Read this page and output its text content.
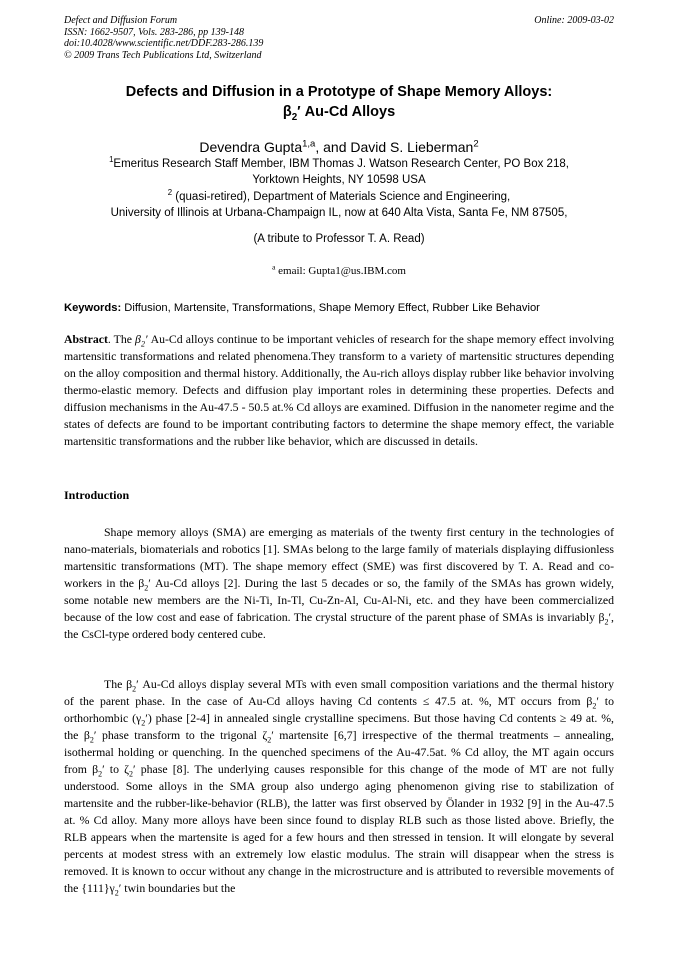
Defect and Diffusion Forum
ISSN: 1662-9507, Vols. 283-286, pp 139-148
doi:10.4028/www.scientific.net/DDF.283-286.139
© 2009 Trans Tech Publications Ltd, Switzerland
Online: 2009-03-02
Defects and Diffusion in a Prototype of Shape Memory Alloys:
$\beta_2'$ Au-Cd Alloys
Devendra Gupta$^{1,a}$, and David S. Lieberman$^2$
$^1$Emeritus Research Staff Member, IBM Thomas J. Watson Research Center, PO Box 218,
Yorktown Heights, NY 10598 USA
$^2$ (quasi-retired), Department of Materials Science and Engineering,
University of Illinois at Urbana-Champaign IL, now at 640 Alta Vista, Santa Fe, NM 87505,
(A tribute to Professor T. A. Read)
$^a$ email: Gupta1@us.IBM.com
Keywords: Diffusion, Martensite, Transformations, Shape Memory Effect, Rubber Like Behavior
Abstract. The $\beta_2'$ Au-Cd alloys continue to be important vehicles of research for the shape memory effect involving martensitic transformations and related phenomena.They transform to a variety of martensitic structures depending on the alloy composition and thermal history. Additionally, the Au-rich alloys display rubber like behavior involving thermo-elastic memory. Defects and diffusion play important roles in determining these properties. Defects and diffusion mechanisms in the Au-47.5 - 50.5 at.% Cd alloys are examined. Diffusion in the nanometer regime and the states of defects are found to be important contributing factors to determine the shape memory effect, the variable martensitic transformations and the rubber like behavior, which are discussed in details.
Introduction
Shape memory alloys (SMA) are emerging as materials of the twenty first century in the technologies of nano-materials, biomaterials and robotics [1]. SMAs belong to the large family of materials displaying diffusionless martensitic transformations (MT). The shape memory effect (SME) was first discovered by T. A. Read and co-workers in the $\beta_2'$ Au-Cd alloys [2]. During the last 5 decades or so, the family of the SMAs has grown widely, some notable new members are the Ni-Ti, In-Tl, Cu-Zn-Al, Cu-Al-Ni, etc. and they have been commercialized because of the low cost and ease of fabrication. The crystal structure of the parent phase of SMAs is invariably $\beta_2'$, the CsCl-type ordered body centered cube.
The $\beta_2'$ Au-Cd alloys display several MTs with even small composition variations and the thermal history of the parent phase. In the case of Au-Cd alloys having Cd contents ≤ 47.5 at. %, MT occurs from $\beta_2'$ to orthorhombic $(\gamma_2')$ phase [2-4] in annealed single crystalline specimens. But those having Cd contents ≥ 49 at. %, the $\beta_2'$ phase transform to the trigonal $\zeta_2'$ martensite [6,7] irrespective of the thermal treatments – annealing, isothermal holding or quenching. In the quenched specimens of the Au-47.5at. % Cd alloy, the MT again occurs from $\beta_2'$ to $\zeta_2'$ phase [8]. The underlying causes responsible for this change of the mode of MT are not fully understood. Some alloys in the SMA group also undergo aging phenomenon giving rise to stabilization of martensite and the rubber-like-behavior (RLB), the latter was first observed by Ölander in 1932 [9] in the Au-47.5 at. % Cd alloy. Many more alloys have been since found to display RLB such as those listed above. Briefly, the RLB appears when the martensite is aged for a few hours and then stressed in tension. It will elongate by several percents at modest stress with an extremely low elastic modulus. The strain will disappear when the stress is removed. It is known to occur without any change in the microstructure and is attributed to reversible movements of the $\{111\}\gamma_2'$ twin boundaries but the
